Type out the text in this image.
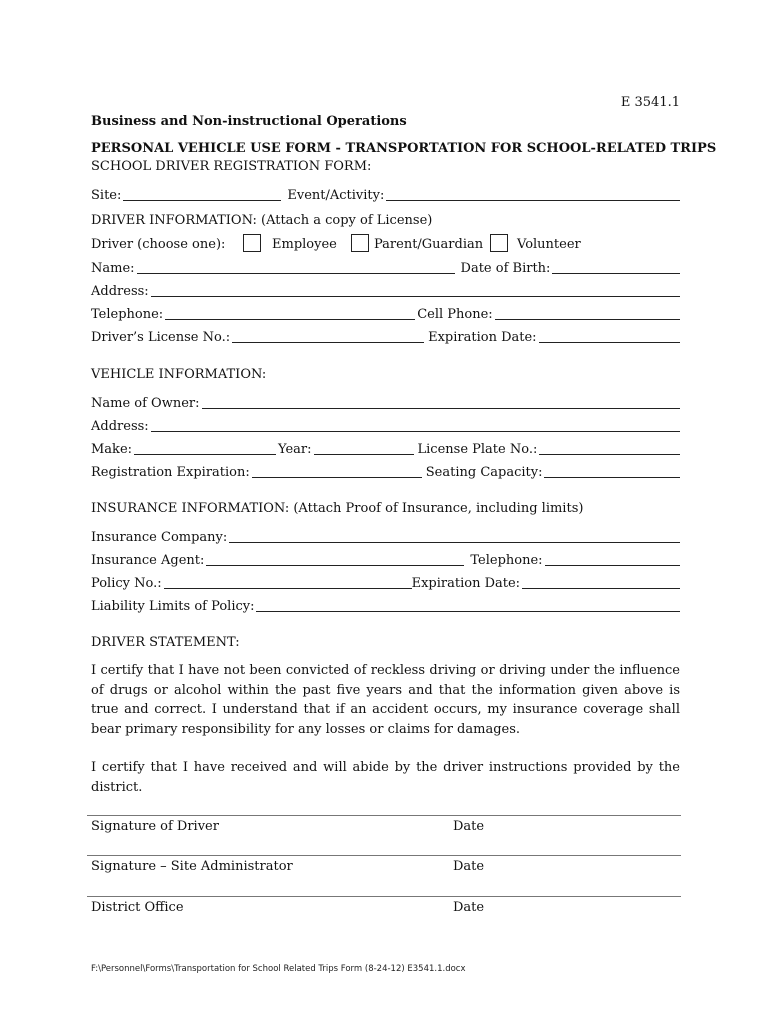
E 3541.1
Business and Non-instructional Operations
PERSONAL VEHICLE USE FORM - TRANSPORTATION FOR SCHOOL-RELATED TRIPS
SCHOOL DRIVER REGISTRATION FORM:
Site:	Event/Activity:
DRIVER INFORMATION: (Attach a copy of License)
Driver (choose one):	Employee	Parent/Guardian	Volunteer
Name:	Date of Birth:
Address:
Telephone:	Cell Phone:
Driver’s License No.:	Expiration Date:
VEHICLE INFORMATION:
Name of Owner:
Address:
Make:	Year:	License Plate No.:
Registration Expiration:	Seating Capacity:
INSURANCE INFORMATION: (Attach Proof of Insurance, including limits)
Insurance Company:
Insurance Agent:	Telephone:
Policy No.:	Expiration Date:
Liability Limits of Policy:
DRIVER STATEMENT:
I certify that I have not been convicted of reckless driving or driving under the influence of drugs or alcohol within the past five years and that the information given above is true and correct. I understand that if an accident occurs, my insurance coverage shall bear primary responsibility for any losses or claims for damages.
I certify that I have received and will abide by the driver instructions provided by the district.
Signature of Driver	Date
Signature – Site Administrator	Date
District Office	Date
F:\Personnel\Forms\Transportation for School Related Trips Form (8-24-12) E3541.1.docx
